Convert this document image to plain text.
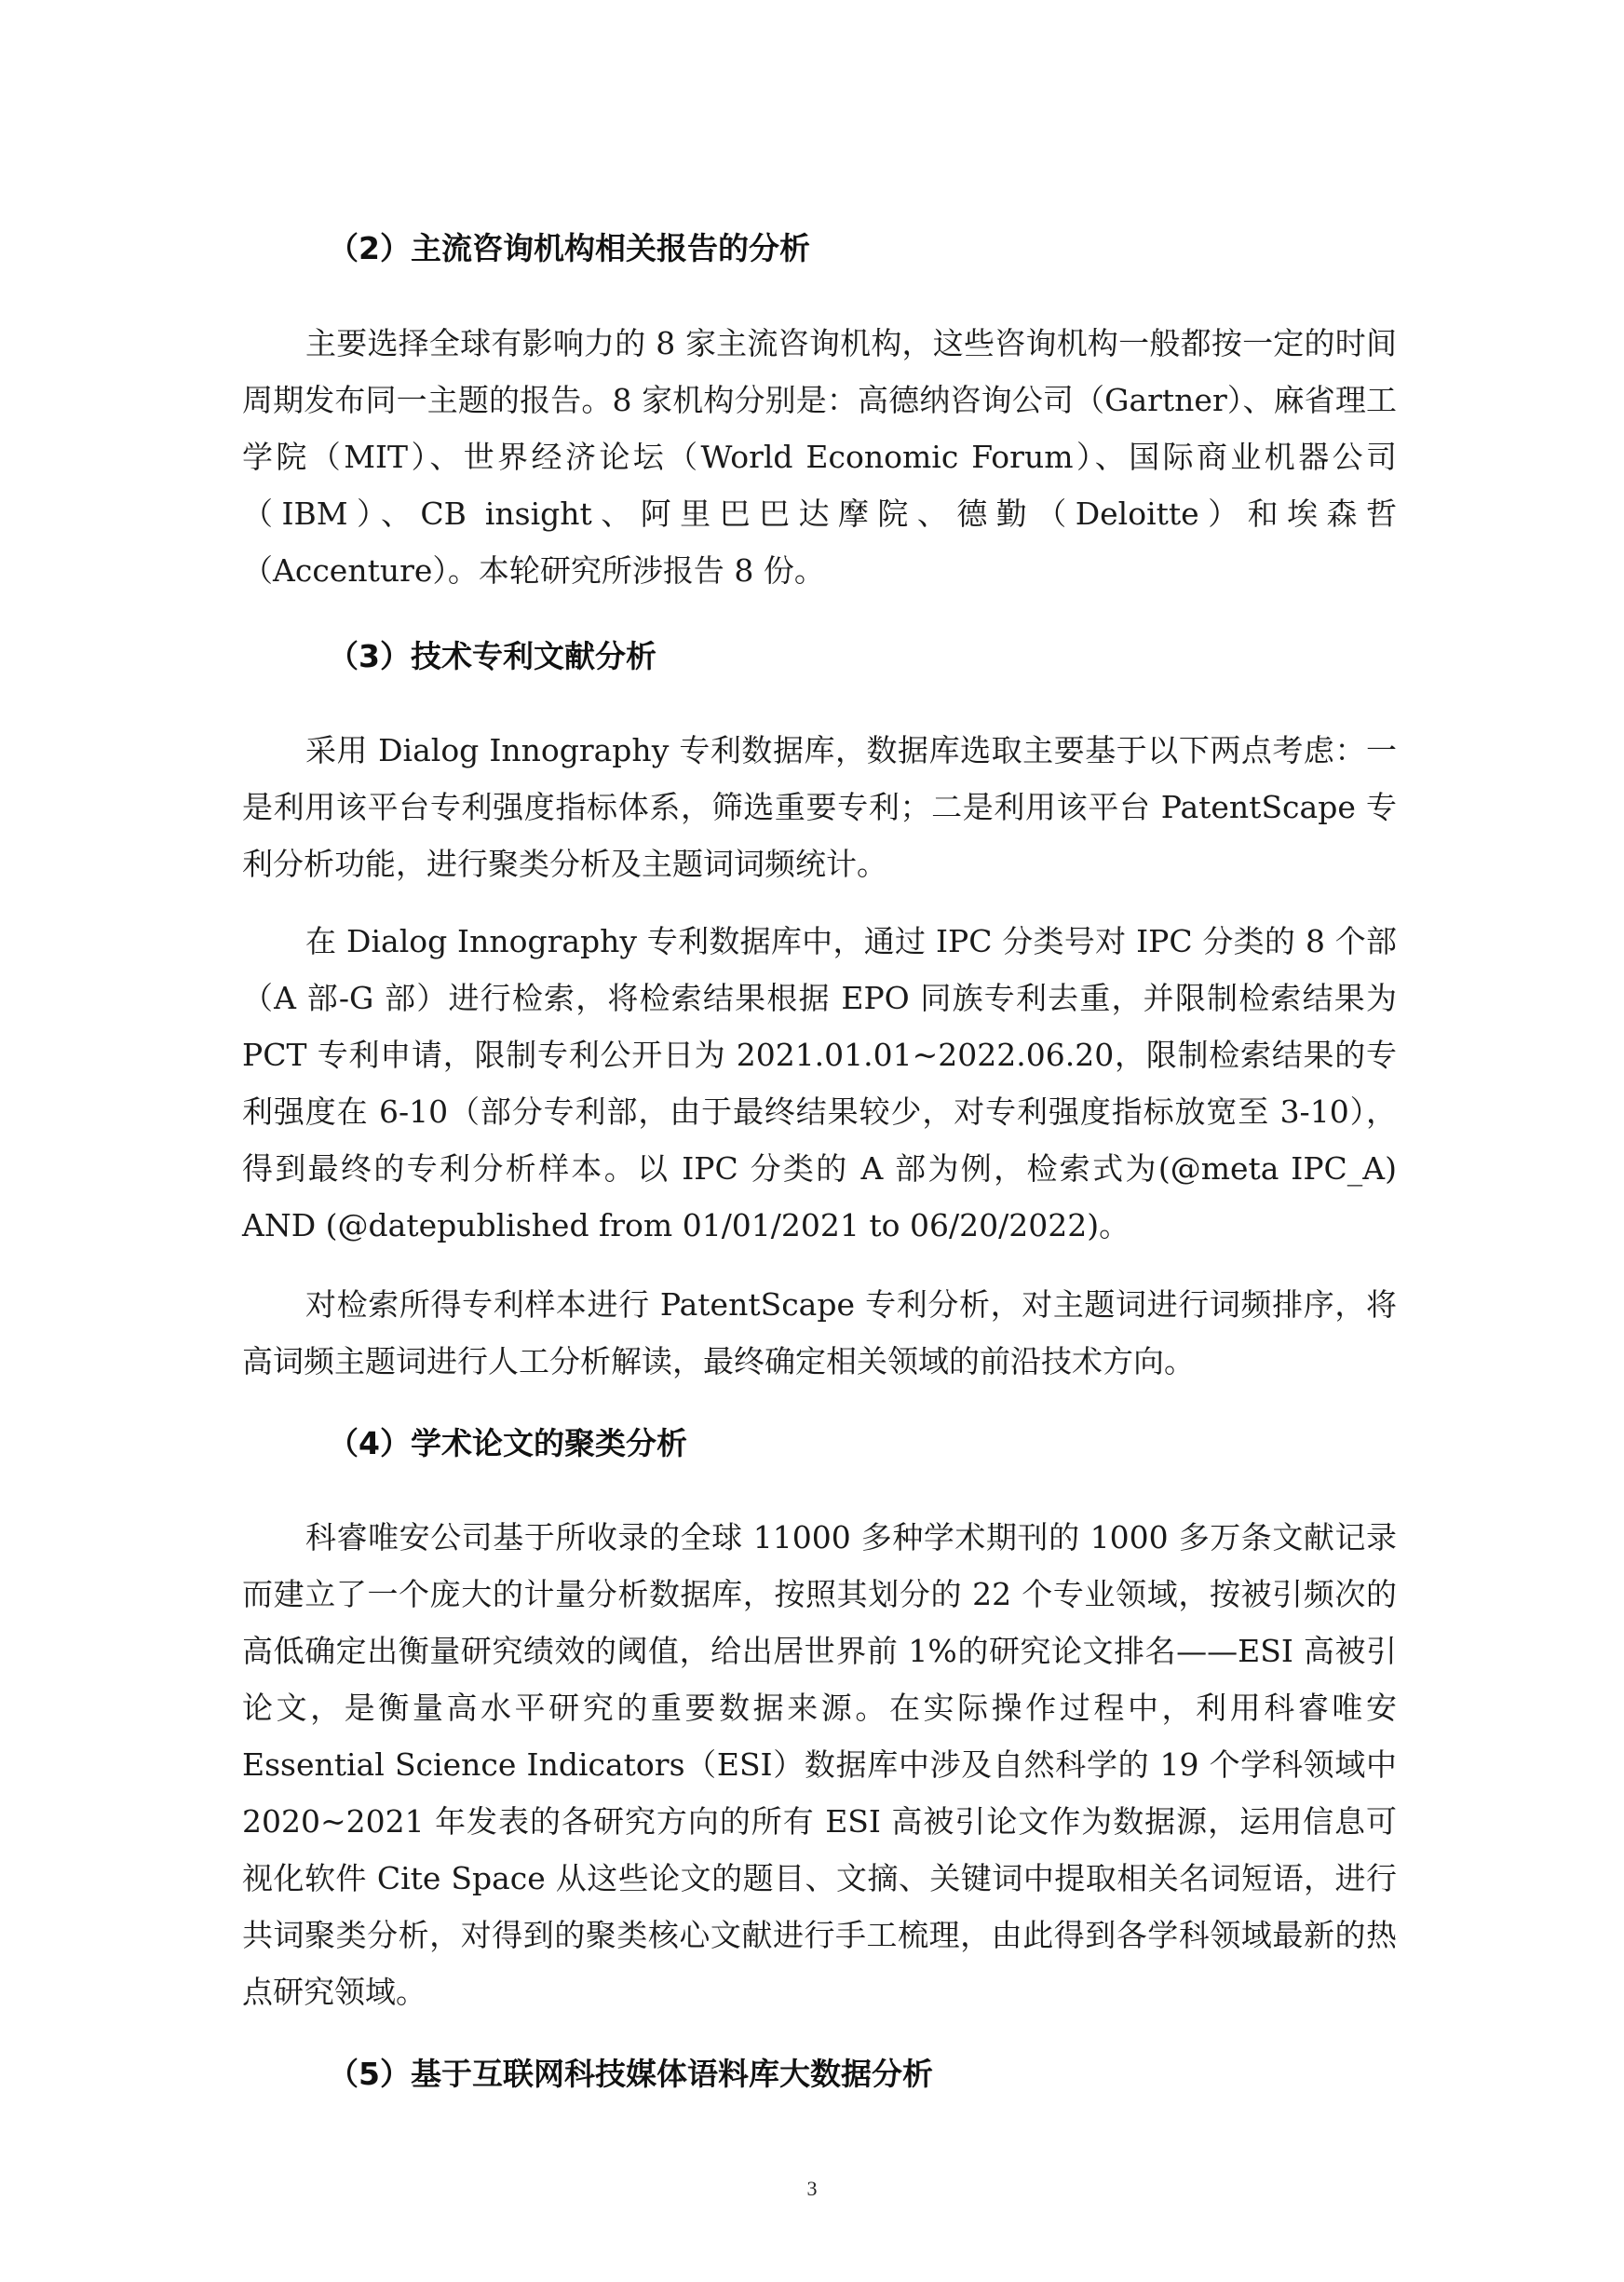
（2）主流咨询机构相关报告的分析

主要选择全球有影响力的 8 家主流咨询机构，这些咨询机构一般都按一定的时间周期发布同一主题的报告。8 家机构分别是：高德纳咨询公司（Gartner）、麻省理工学院（MIT）、世界经济论坛（World Economic Forum）、国际商业机器公司（IBM）、CB insight、阿里巴巴达摩院、德勤（Deloitte）和埃森哲（Accenture）。本轮研究所涉报告 8 份。

（3）技术专利文献分析

采用 Dialog Innography 专利数据库，数据库选取主要基于以下两点考虑：一是利用该平台专利强度指标体系，筛选重要专利；二是利用该平台 PatentScape 专利分析功能，进行聚类分析及主题词词频统计。

在 Dialog Innography 专利数据库中，通过 IPC 分类号对 IPC 分类的 8 个部（A 部-G 部）进行检索，将检索结果根据 EPO 同族专利去重，并限制检索结果为 PCT 专利申请，限制专利公开日为 2021.01.01~2022.06.20，限制检索结果的专利强度在 6-10（部分专利部，由于最终结果较少，对专利强度指标放宽至 3-10），得到最终的专利分析样本。以 IPC 分类的 A 部为例，检索式为(@meta IPC_A) AND (@datepublished from 01/01/2021 to 06/20/2022)。

对检索所得专利样本进行 PatentScape 专利分析，对主题词进行词频排序，将高词频主题词进行人工分析解读，最终确定相关领域的前沿技术方向。

（4）学术论文的聚类分析

科睿唯安公司基于所收录的全球 11000 多种学术期刊的 1000 多万条文献记录而建立了一个庞大的计量分析数据库，按照其划分的 22 个专业领域，按被引频次的高低确定出衡量研究绩效的阈值，给出居世界前 1%的研究论文排名——ESI 高被引论文，是衡量高水平研究的重要数据来源。在实际操作过程中，利用科睿唯安 Essential Science Indicators（ESI）数据库中涉及自然科学的 19 个学科领域中 2020~2021 年发表的各研究方向的所有 ESI 高被引论文作为数据源，运用信息可视化软件 Cite Space 从这些论文的题目、文摘、关键词中提取相关名词短语，进行共词聚类分析，对得到的聚类核心文献进行手工梳理，由此得到各学科领域最新的热点研究领域。

（5）基于互联网科技媒体语料库大数据分析
3
